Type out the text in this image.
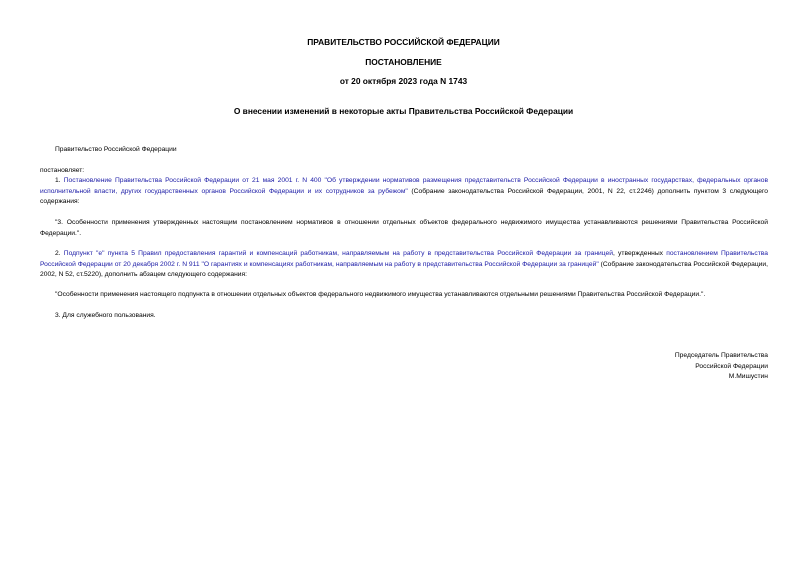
ПРАВИТЕЛЬСТВО РОССИЙСКОЙ ФЕДЕРАЦИИ
ПОСТАНОВЛЕНИЕ
от 20 октября 2023 года N 1743
О внесении изменений в некоторые акты Правительства Российской Федерации
Правительство Российской Федерации
постановляет:
1. Постановление Правительства Российской Федерации от 21 мая 2001 г. N 400 "Об утверждении нормативов размещения представительств Российской Федерации в иностранных государствах, федеральных органов исполнительной власти, других государственных органов Российской Федерации и их сотрудников за рубежом" (Собрание законодательства Российской Федерации, 2001, N 22, ст.2246) дополнить пунктом 3 следующего содержания:
"3. Особенности применения утвержденных настоящим постановлением нормативов в отношении отдельных объектов федерального недвижимого имущества устанавливаются решениями Правительства Российской Федерации.".
2. Подпункт "е" пункта 5 Правил предоставления гарантий и компенсаций работникам, направляемым на работу в представительства Российской Федерации за границей, утвержденных постановлением Правительства Российской Федерации от 20 декабря 2002 г. N 911 "О гарантиях и компенсациях работникам, направляемым на работу в представительства Российской Федерации за границей" (Собрание законодательства Российской Федерации, 2002, N 52, ст.5220), дополнить абзацем следующего содержания:
"Особенности применения настоящего подпункта в отношении отдельных объектов федерального недвижимого имущества устанавливаются отдельными решениями Правительства Российской Федерации.".
3. Для служебного пользования.
Председатель Правительства
Российской Федерации
М.Мишустин
